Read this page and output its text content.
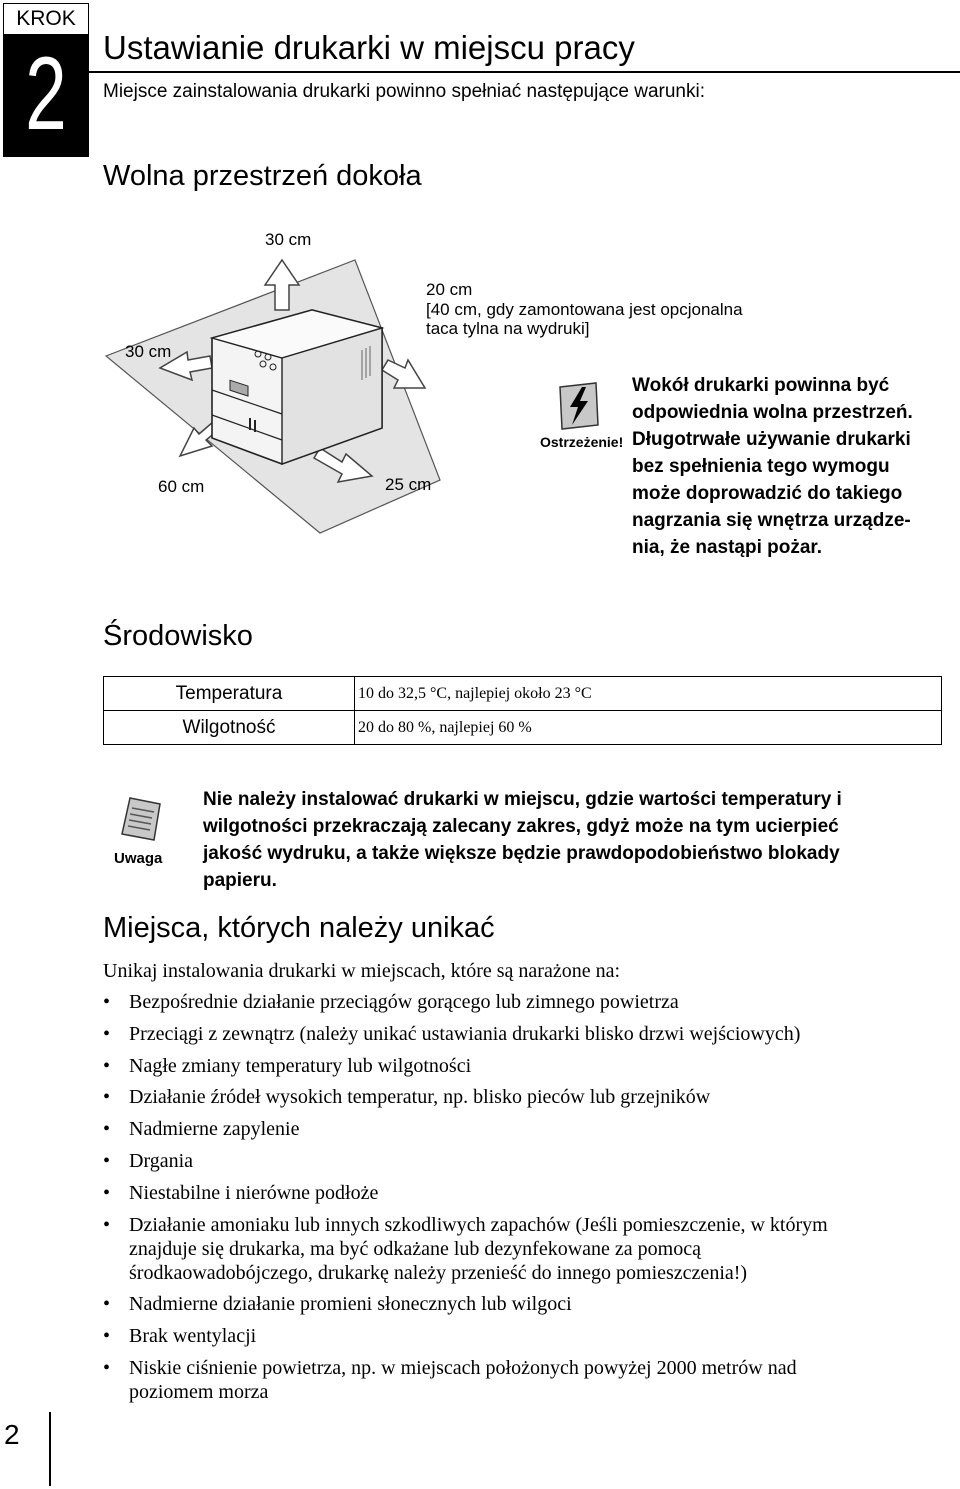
KROK
2	Ustawianie drukarki w miejscu pracy
Miejsce zainstalowania drukarki powinno spełniać następujące warunki:
Wolna przestrzeń dokoła
30 cm
30 cm
20 cm
[40 cm, gdy zamontowana jest opcjonalna
taca tylna na wydruki]
60 cm	25 cm
Ostrzeżenie!
Wokół drukarki powinna być
odpowiednia wolna przestrzeń.
Długotrwałe używanie drukarki
bez spełnienia tego wymogu
może doprowadzić do takiego
nagrzania się wnętrza urządze-
nia, że nastąpi pożar.
Środowisko
Temperatura	10 do 32,5 °C, najlepiej około 23 °C
Wilgotność	20 do 80 %, najlepiej 60 %
Uwaga
Nie należy instalować drukarki w miejscu, gdzie wartości temperatury i
wilgotności przekraczają zalecany zakres, gdyż może na tym ucierpieć
jakość wydruku, a także większe będzie prawdopodobieństwo blokady
papieru.
Miejsca, których należy unikać
Unikaj instalowania drukarki w miejscach, które są narażone na:
• Bezpośrednie działanie przeciągów gorącego lub zimnego powietrza
• Przeciągi z zewnątrz (należy unikać ustawiania drukarki blisko drzwi wejściowych)
• Nagłe zmiany temperatury lub wilgotności
• Działanie źródeł wysokich temperatur, np. blisko pieców lub grzejników
• Nadmierne zapylenie
• Drgania
• Niestabilne i nierówne podłoże
• Działanie amoniaku lub innych szkodliwych zapachów (Jeśli pomieszczenie, w którym
znajduje się drukarka, ma być odkażane lub dezynfekowane za pomocą
środkaowadobójczego, drukarkę należy przenieść do innego pomieszczenia!)
• Nadmierne działanie promieni słonecznych lub wilgoci
• Brak wentylacji
• Niskie ciśnienie powietrza, np. w miejscach położonych powyżej 2000 metrów nad
poziomem morza
2
